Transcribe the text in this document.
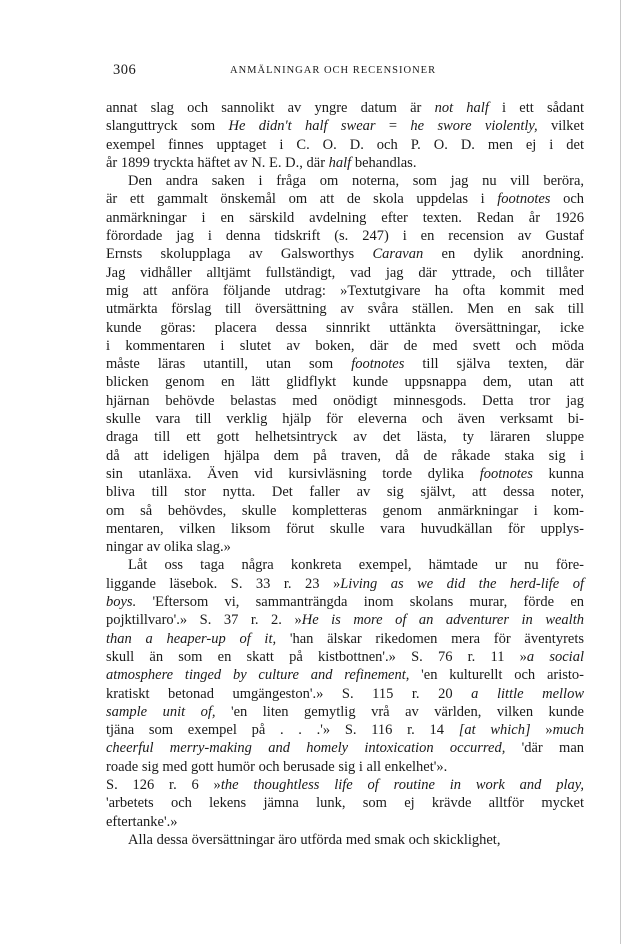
306	ANMÄLNINGAR OCH RECENSIONER
annat slag och sannolikt av yngre datum är not half i ett sådant
slanguttryck som He didn't half swear = he swore violently, vilket
exempel finnes upptaget i C. O. D. och P. O. D. men ej i det
år 1899 tryckta häftet av N. E. D., där half behandlas.
Den andra saken i fråga om noterna, som jag nu vill beröra,
är ett gammalt önskemål om att de skola uppdelas i footnotes och
anmärkningar i en särskild avdelning efter texten. Redan år 1926
förordade jag i denna tidskrift (s. 247) i en recension av Gustaf
Ernsts skolupplaga av Galsworthys Caravan en dylik anordning.
Jag vidhåller alltjämt fullständigt, vad jag där yttrade, och tillåter
mig att anföra följande utdrag: »Textutgivare ha ofta kommit med
utmärkta förslag till översättning av svåra ställen. Men en sak till
kunde göras: placera dessa sinnrikt uttänkta översättningar, icke
i kommentaren i slutet av boken, där de med svett och möda
måste läras utantill, utan som footnotes till själva texten, där
blicken genom en lätt glidflykt kunde uppsnappa dem, utan att
hjärnan behövde belastas med onödigt minnesgods. Detta tror jag
skulle vara till verklig hjälp för eleverna och även verksamt bi-
draga till ett gott helhetsintryck av det lästa, ty läraren sluppe
då att ideligen hjälpa dem på traven, då de råkade staka sig i
sin utanläxa. Även vid kursivläsning torde dylika footnotes kunna
bliva till stor nytta. Det faller av sig självt, att dessa noter,
om så behövdes, skulle kompletteras genom anmärkningar i kom-
mentaren, vilken liksom förut skulle vara huvudkällan för upplys-
ningar av olika slag.»
Låt oss taga några konkreta exempel, hämtade ur nu före-
liggande läsebok. S. 33 r. 23 »Living as we did the herd-life of
boys. 'Eftersom vi, sammanträngda inom skolans murar, förde en
pojktillvaro'.» S. 37 r. 2. »He is more of an adventurer in wealth
than a heaper-up of it, 'han älskar rikedomen mera för äventyrets
skull än som en skatt på kistbottnen'.» S. 76 r. 11 »a social
atmosphere tinged by culture and refinement, 'en kulturellt och aristo-
kratiskt betonad umgängeston'.» S. 115 r. 20 a little mellow
sample unit of, 'en liten gemytlig vrå av världen, vilken kunde
tjäna som exempel på . . .'» S. 116 r. 14 [at which] »much
cheerful merry-making and homely intoxication occurred, 'där man
roade sig med gott humör och berusade sig i all enkelhet'».
S. 126 r. 6 »the thoughtless life of routine in work and play,
'arbetets och lekens jämna lunk, som ej krävde alltför mycket
eftertanke'.»
Alla dessa översättningar äro utförda med smak och skicklighet,
